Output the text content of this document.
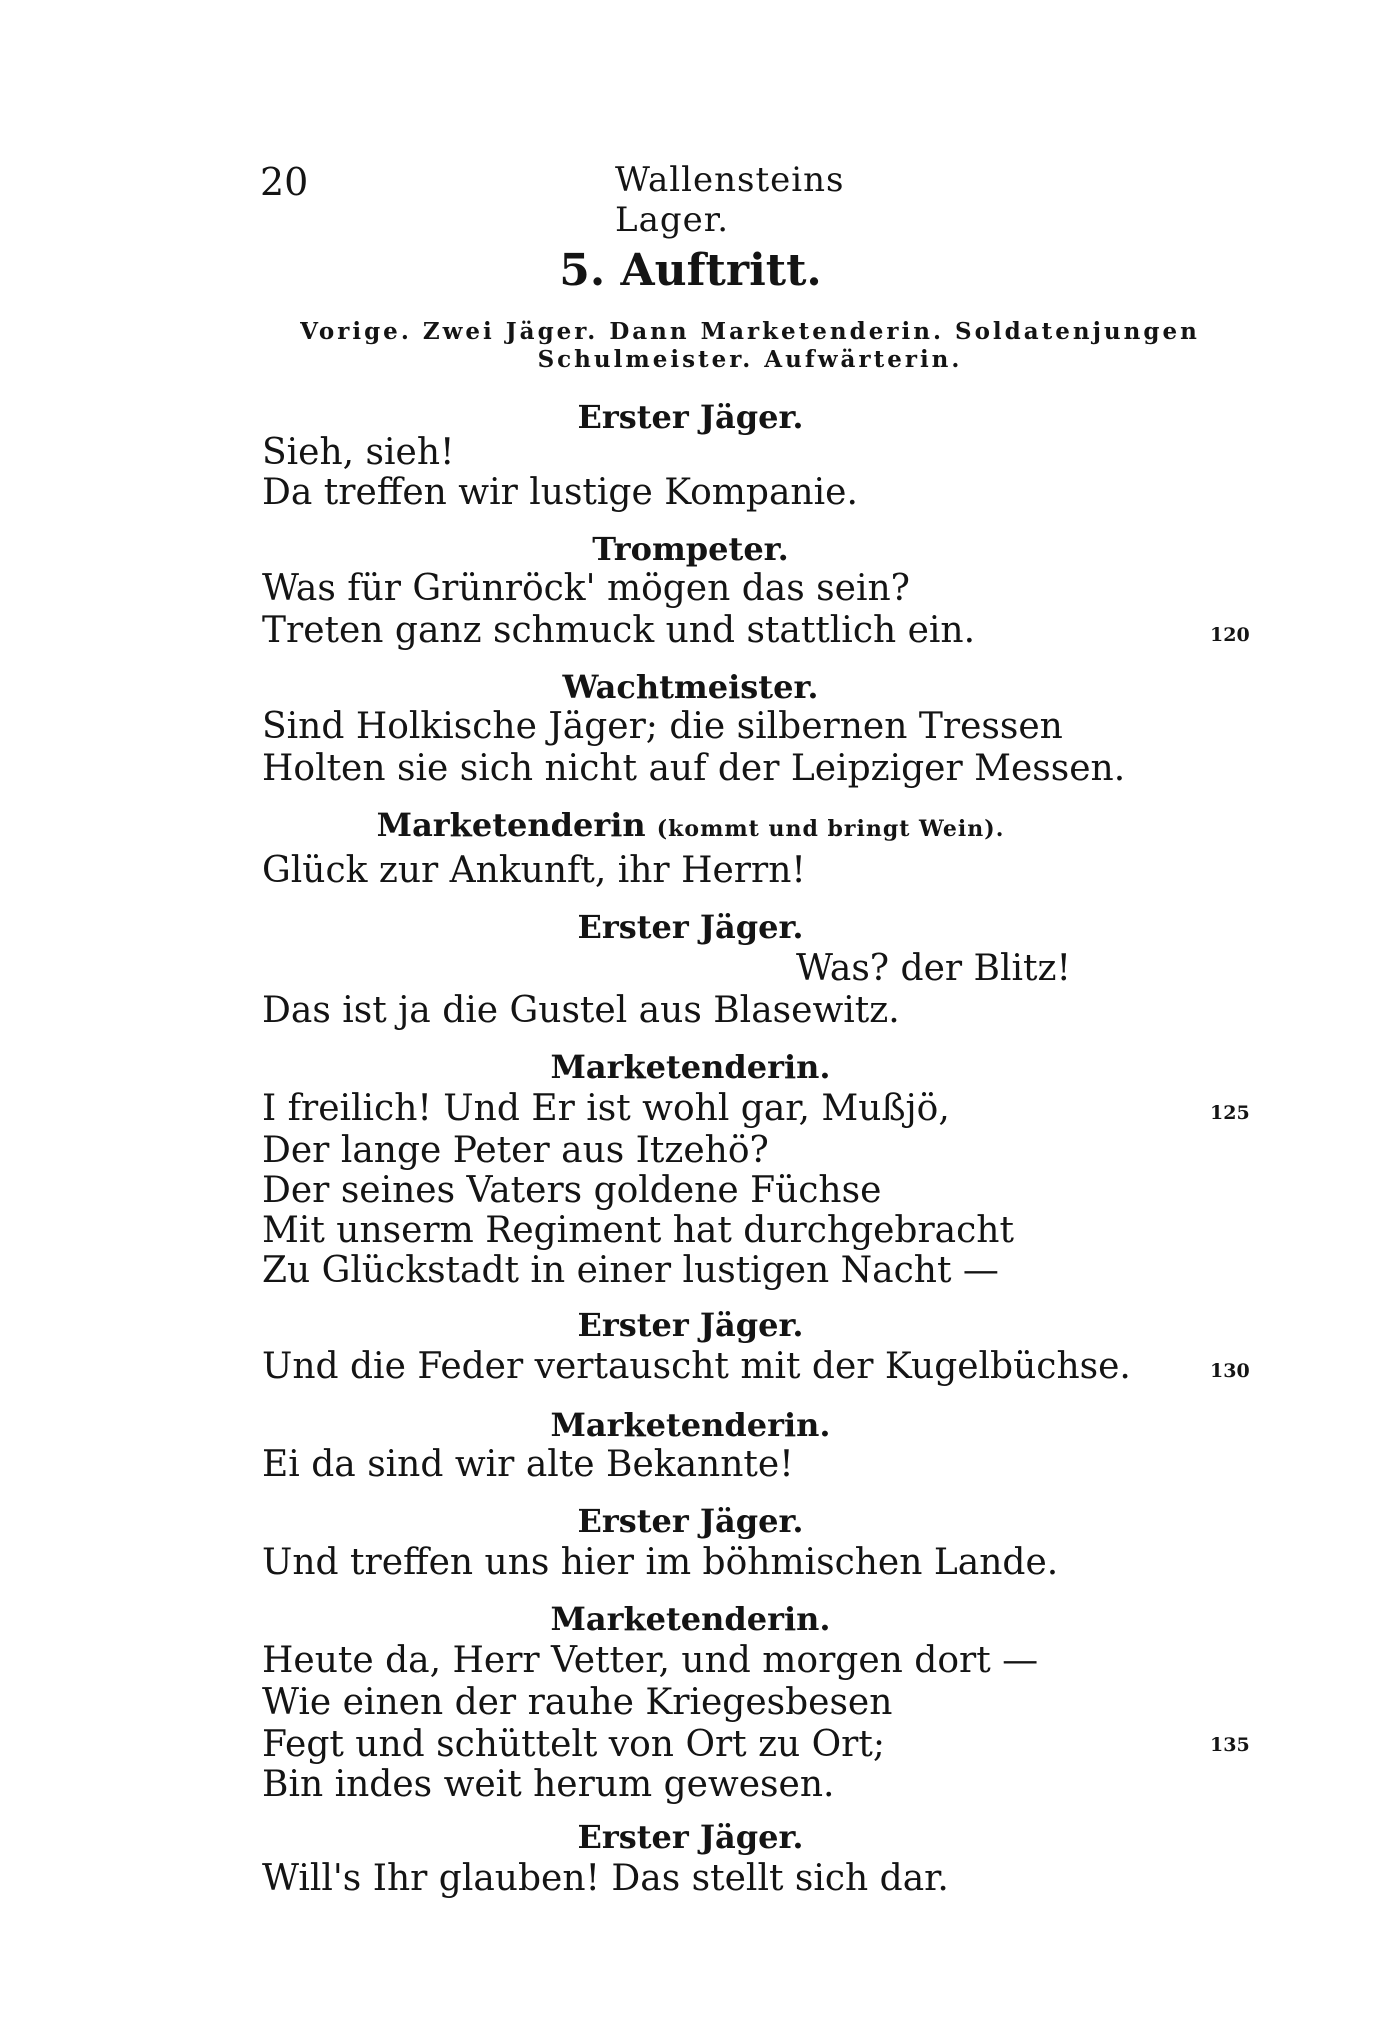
20	Wallensteins Lager.
5. Auftritt.
Vorige. Zwei Jäger. Dann Marketenderin. Soldatenjungen
Schulmeister. Aufwärterin.
Erster Jäger.
Sieh, sieh!
Da treffen wir lustige Kompanie.
Trompeter.
Was für Grünröck' mögen das sein?
Treten ganz schmuck und stattlich ein.	120
Wachtmeister.
Sind Holkische Jäger; die silbernen Tressen
Holten sie sich nicht auf der Leipziger Messen.
Marketenderin (kommt und bringt Wein).
Glück zur Ankunft, ihr Herrn!
Erster Jäger.
Was? der Blitz!
Das ist ja die Gustel aus Blasewitz.
Marketenderin.
I freilich! Und Er ist wohl gar, Mußjö,	125
Der lange Peter aus Itzehö?
Der seines Vaters goldene Füchse
Mit unserm Regiment hat durchgebracht
Zu Glückstadt in einer lustigen Nacht —
Erster Jäger.
Und die Feder vertauscht mit der Kugelbüchse.	130
Marketenderin.
Ei da sind wir alte Bekannte!
Erster Jäger.
Und treffen uns hier im böhmischen Lande.
Marketenderin.
Heute da, Herr Vetter, und morgen dort —
Wie einen der rauhe Kriegesbesen
Fegt und schüttelt von Ort zu Ort;	135
Bin indes weit herum gewesen.
Erster Jäger.
Will's Ihr glauben! Das stellt sich dar.
